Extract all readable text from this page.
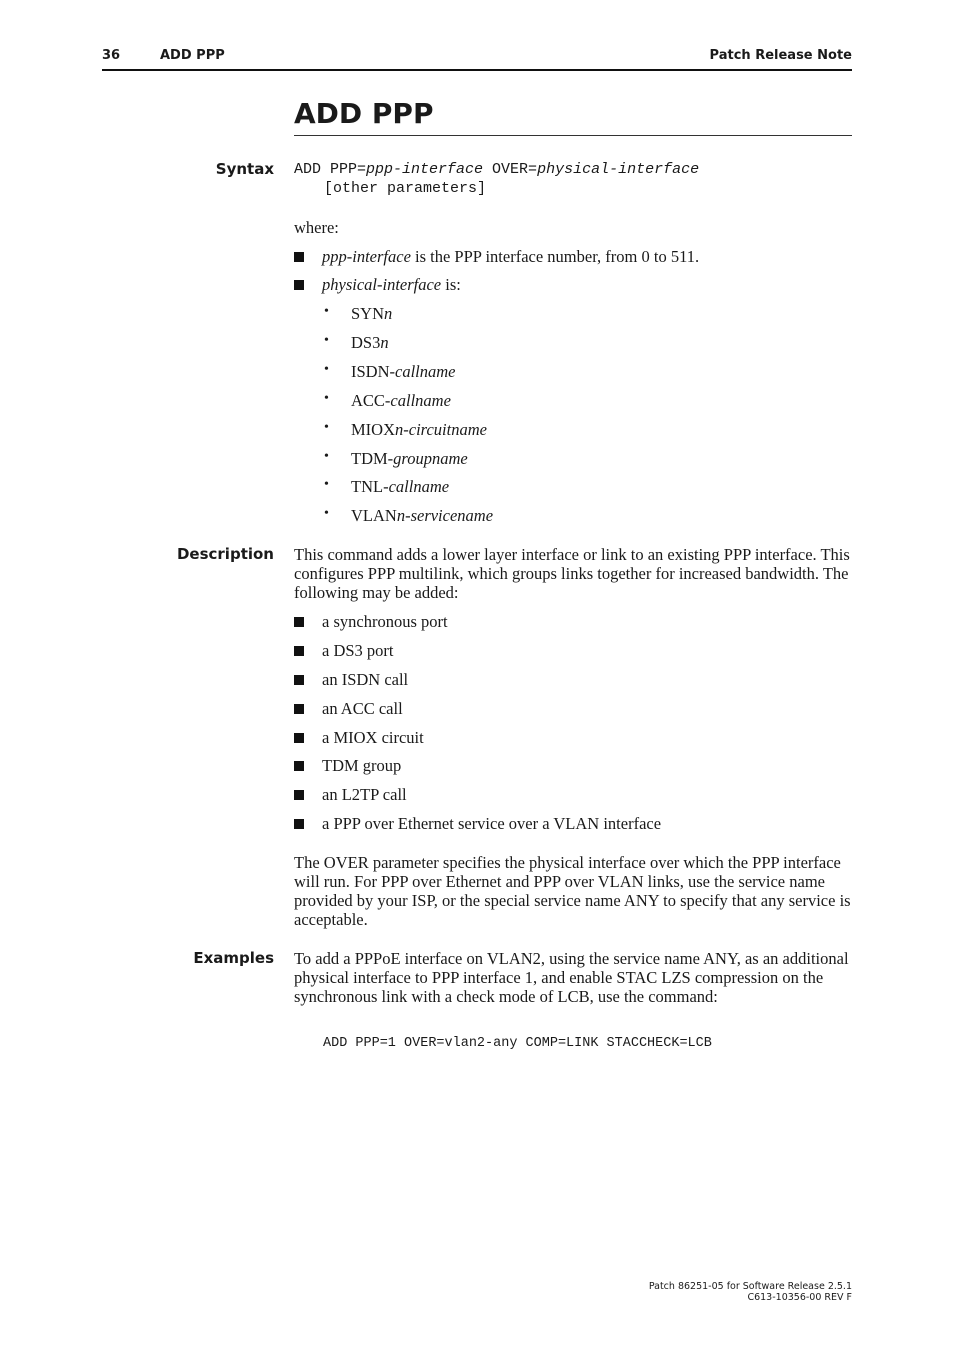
36	ADD PPP	Patch Release Note
ADD PPP
Syntax ADD PPP=ppp-interface OVER=physical-interface
[other parameters]
where:
ppp-interface is the PPP interface number, from 0 to 511.
physical-interface is:
• SYNn
• DS3n
• ISDN-callname
• ACC-callname
• MIOXn-circuitname
• TDM-groupname
• TNL-callname
• VLANn-servicename
Description This command adds a lower layer interface or link to an existing PPP interface. This configures PPP multilink, which groups links together for increased bandwidth. The following may be added:
a synchronous port
a DS3 port
an ISDN call
an ACC call
a MIOX circuit
TDM group
an L2TP call
a PPP over Ethernet service over a VLAN interface
The OVER parameter specifies the physical interface over which the PPP interface will run. For PPP over Ethernet and PPP over VLAN links, use the service name provided by your ISP, or the special service name ANY to specify that any service is acceptable.
Examples To add a PPPoE interface on VLAN2, using the service name ANY, as an additional physical interface to PPP interface 1, and enable STAC LZS compression on the synchronous link with a check mode of LCB, use the command:
ADD PPP=1 OVER=vlan2-any COMP=LINK STACCHECK=LCB
Patch 86251-05 for Software Release 2.5.1
C613-10356-00 REV F
